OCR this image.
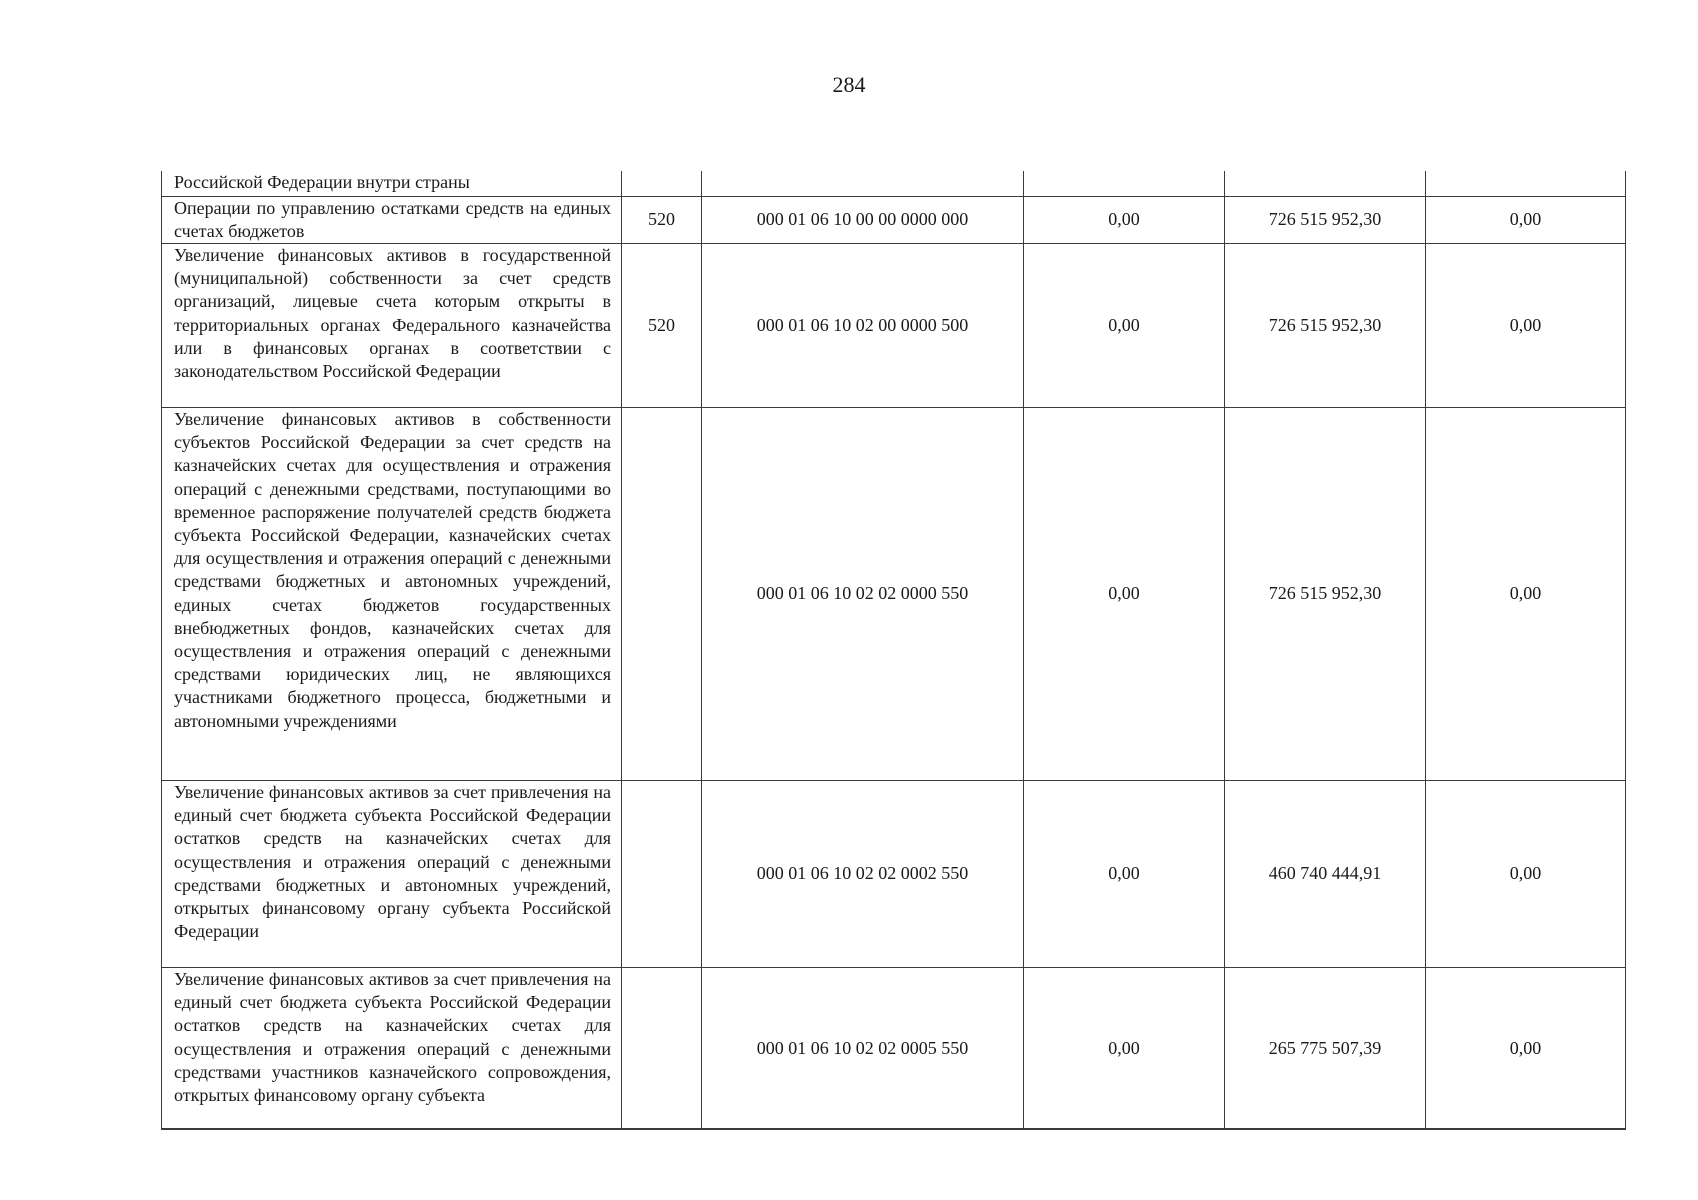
284
Российской Федерации внутри страны					

Операции по управлению остатками средств на единых счетах бюджетов	520	000 01 06 10 00 00 0000 000	0,00	726 515 952,30	0,00

Увеличение финансовых активов в государственной (муниципальной) собственности за счет средств организаций, лицевые счета которым открыты в территориальных органах Федерального казначейства или в финансовых органах в соответствии с законодательством Российской Федерации	520	000 01 06 10 02 00 0000 500	0,00	726 515 952,30	0,00

Увеличение финансовых активов в собственности субъектов Российской Федерации за счет средств на казначейских счетах для осуществления и отражения операций с денежными средствами, поступающими во временное распоряжение получателей средств бюджета субъекта Российской Федерации, казначейских счетах для осуществления и отражения операций с денежными средствами бюджетных и автономных учреждений, единых счетах бюджетов государственных внебюджетных фондов, казначейских счетах для осуществления и отражения операций с денежными средствами юридических лиц, не являющихся участниками бюджетного процесса, бюджетными и автономными учреждениями		000 01 06 10 02 02 0000 550	0,00	726 515 952,30	0,00

Увеличение финансовых активов за счет привлечения на единый счет бюджета субъекта Российской Федерации остатков средств на казначейских счетах для осуществления и отражения операций с денежными средствами бюджетных и автономных учреждений, открытых финансовому органу субъекта Российской Федерации		000 01 06 10 02 02 0002 550	0,00	460 740 444,91	0,00

Увеличение финансовых активов за счет привлечения на единый счет бюджета субъекта Российской Федерации остатков средств на казначейских счетах для осуществления и отражения операций с денежными средствами участников казначейского сопровождения, открытых финансовому органу субъекта		000 01 06 10 02 02 0005 550	0,00	265 775 507,39	0,00
